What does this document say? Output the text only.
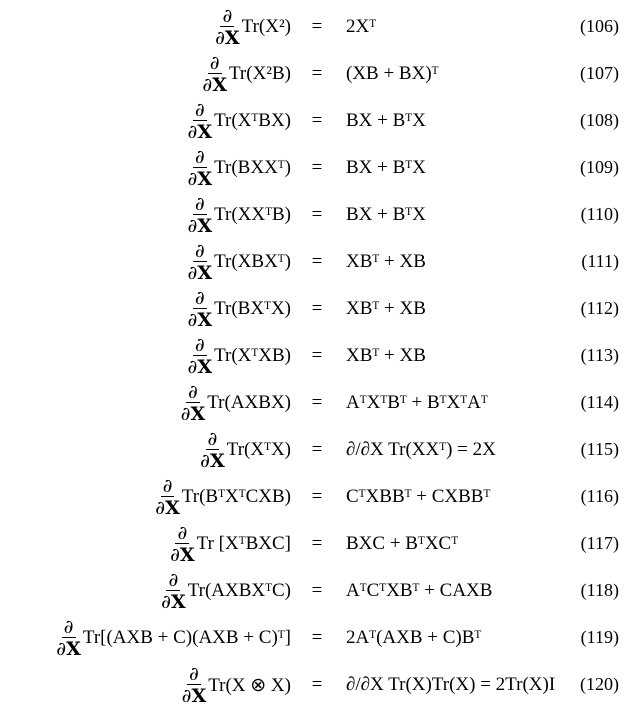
$\frac{\partial}{\partial X} Tr(X^2)$	=	2Xᵀ	(106)
$\frac{\partial}{\partial X} Tr(X^2B)$	=	(XB + BX)ᵀ	(107)
$\frac{\partial}{\partial X}$ Tr(XᵀBX)	=	BX + BᵀX	(108)
$\frac{\partial}{\partial X}$ Tr(BXXᵀ)	=	BX + BᵀX	(109)
$\frac{\partial}{\partial X}$ Tr(XXᵀB)	=	BX + BᵀX	(110)
$\frac{\partial}{\partial X}$ Tr(XBXᵀ)	=	XBᵀ + XB	(111)
$\frac{\partial}{\partial X}$ Tr(BXᵀX)	=	XBᵀ + XB	(112)
$\frac{\partial}{\partial X}$ Tr(XᵀXB)	=	XBᵀ + XB	(113)
$\frac{\partial}{\partial X}$ Tr(AXBX)	=	AᵀXᵀBᵀ + BᵀXᵀAᵀ	(114)
$\frac{\partial}{\partial X}$ Tr(XᵀX)	=	∂/∂X Tr(XXᵀ) = 2X	(115)
$\frac{\partial}{\partial X}$ Tr(BᵀXᵀCXB)	=	CᵀXBBᵀ + CXBBᵀ	(116)
$\frac{\partial}{\partial X}$ Tr [XᵀBXC]	=	BXC + BᵀXCᵀ	(117)
$\frac{\partial}{\partial X}$ Tr(AXBXᵀC)	=	AᵀCᵀXBᵀ + CAXB	(118)
$\frac{\partial}{\partial X} Tr[(AXB + C)(AXB$ + C)ᵀ]	=	2Aᵀ(AXB + C)Bᵀ	(119)
$\frac{\partial}{\partial X} Tr(X$ ⊗ X)	=	∂/∂X Tr(X)Tr(X) = 2Tr(X)I (120)
